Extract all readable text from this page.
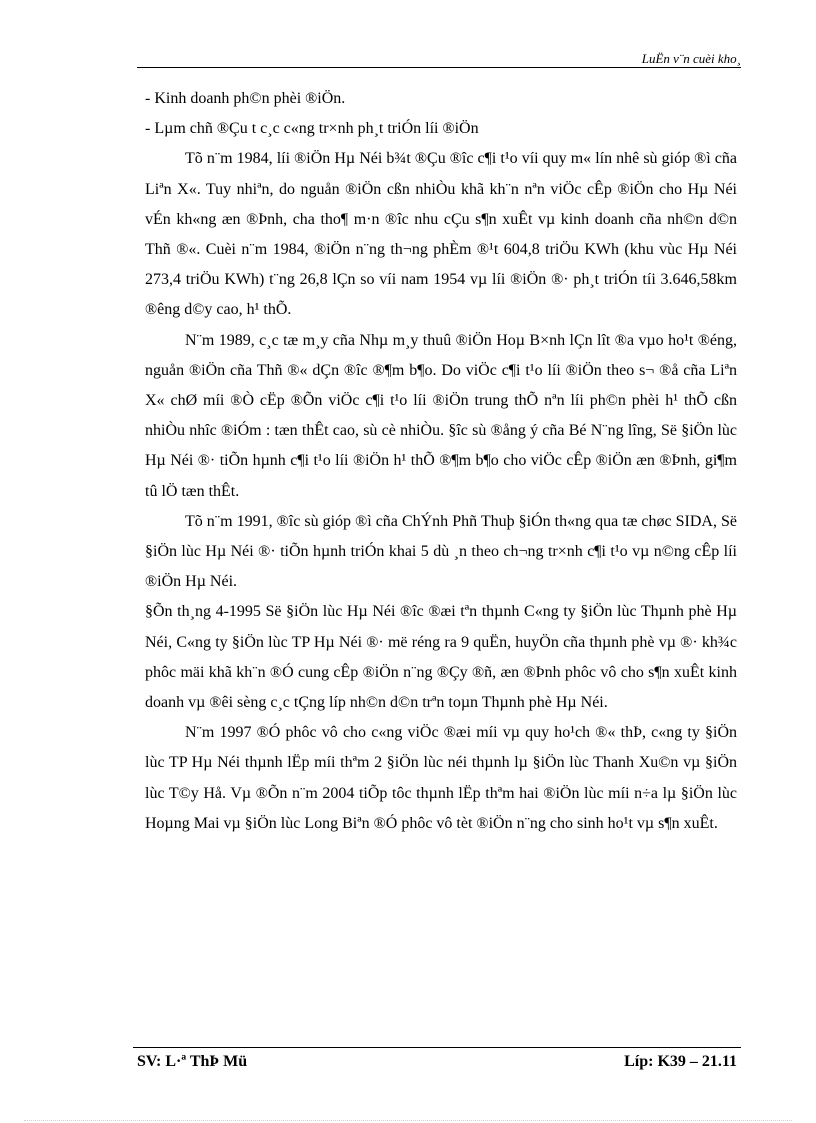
LuËn v¨n cuèi kho¸

- Kinh doanh ph©n phèi ®iÖn.

- Lµm chñ ®Çu t c¸c c«ng tr×nh ph¸t triÓn líi ®iÖn

Tõ n¨m 1984, líi ®iÖn Hµ Néi b¾t ®Çu ®îc c¶i t¹o víi quy m« lín nhê sù gióp ®ì cña Liªn X«. Tuy nhiªn, do nguån ®iÖn cßn nhiÒu khã kh¨n nªn viÖc cÊp ®iÖn cho Hµ Néi vÉn kh«ng æn ®Þnh, cha tho¶ m·n ®îc nhu cÇu s¶n xuÊt vµ kinh doanh cña nh©n d©n Thñ ®«. Cuèi n¨m 1984, ®iÖn n¨ng th¬ng phÈm ®¹t 604,8 triÖu KWh (khu vùc Hµ Néi 273,4 triÖu KWh) t¨ng 26,8 lÇn so víi nam 1954 vµ líi ®iÖn ®· ph¸t triÓn tíi 3.646,58km ®êng d©y cao, h¹ thÕ.

N¨m 1989, c¸c tæ m¸y cña Nhµ m¸y thuû ®iÖn Hoµ B×nh lÇn lît ®a vµo ho¹t ®éng, nguån ®iÖn cña Thñ ®« dÇn ®îc ®¶m b¶o. Do viÖc c¶i t¹o líi ®iÖn theo s¬ ®å cña Liªn X« chØ míi ®Ò cËp ®Õn viÖc c¶i t¹o líi ®iÖn trung thÕ nªn líi ph©n phèi h¹ thÕ cßn nhiÒu nhîc ®iÓm : tæn thÊt cao, sù cè nhiÒu. §îc sù ®ång ý cña Bé N¨ng lîng, Së §iÖn lùc Hµ Néi ®· tiÕn hµnh c¶i t¹o líi ®iÖn h¹ thÕ ®¶m b¶o cho viÖc cÊp ®iÖn æn ®Þnh, gi¶m tû lÖ tæn thÊt.

Tõ n¨m 1991, ®îc sù gióp ®ì cña ChÝnh Phñ Thuþ §iÓn th«ng qua tæ chøc SIDA, Së §iÖn lùc Hµ Néi ®· tiÕn hµnh triÓn khai 5 dù ¸n theo ch¬ng tr×nh c¶i t¹o vµ n©ng cÊp líi ®iÖn Hµ Néi.

§Õn th¸ng 4-1995 Së §iÖn lùc Hµ Néi ®îc ®æi tªn thµnh C«ng ty §iÖn lùc Thµnh phè Hµ Néi, C«ng ty §iÖn lùc TP Hµ Néi ®· më réng ra 9 quËn, huyÖn cña thµnh phè vµ ®· kh¾c phôc mäi khã kh¨n ®Ó cung cÊp ®iÖn n¨ng ®Çy ®ñ, æn ®Þnh phôc vô cho s¶n xuÊt kinh doanh vµ ®êi sèng c¸c tÇng líp nh©n d©n trªn toµn Thµnh phè Hµ Néi.

N¨m 1997 ®Ó phôc vô cho c«ng viÖc ®æi míi vµ quy ho¹ch ®« thÞ, c«ng ty §iÖn lùc TP Hµ Néi thµnh lËp míi thªm 2 §iÖn lùc néi thµnh lµ §iÖn lùc Thanh Xu©n vµ §iÖn lùc T©y Hå. Vµ ®Õn n¨m 2004 tiÕp tôc thµnh lËp thªm hai ®iÖn lùc míi n÷a lµ §iÖn lùc Hoµng Mai vµ §iÖn lùc Long Biªn ®Ó phôc vô tèt ®iÖn n¨ng cho sinh ho¹t vµ s¶n xuÊt.

SV: L·ª ThÞ Mü	Líp: K39 – 21.11
